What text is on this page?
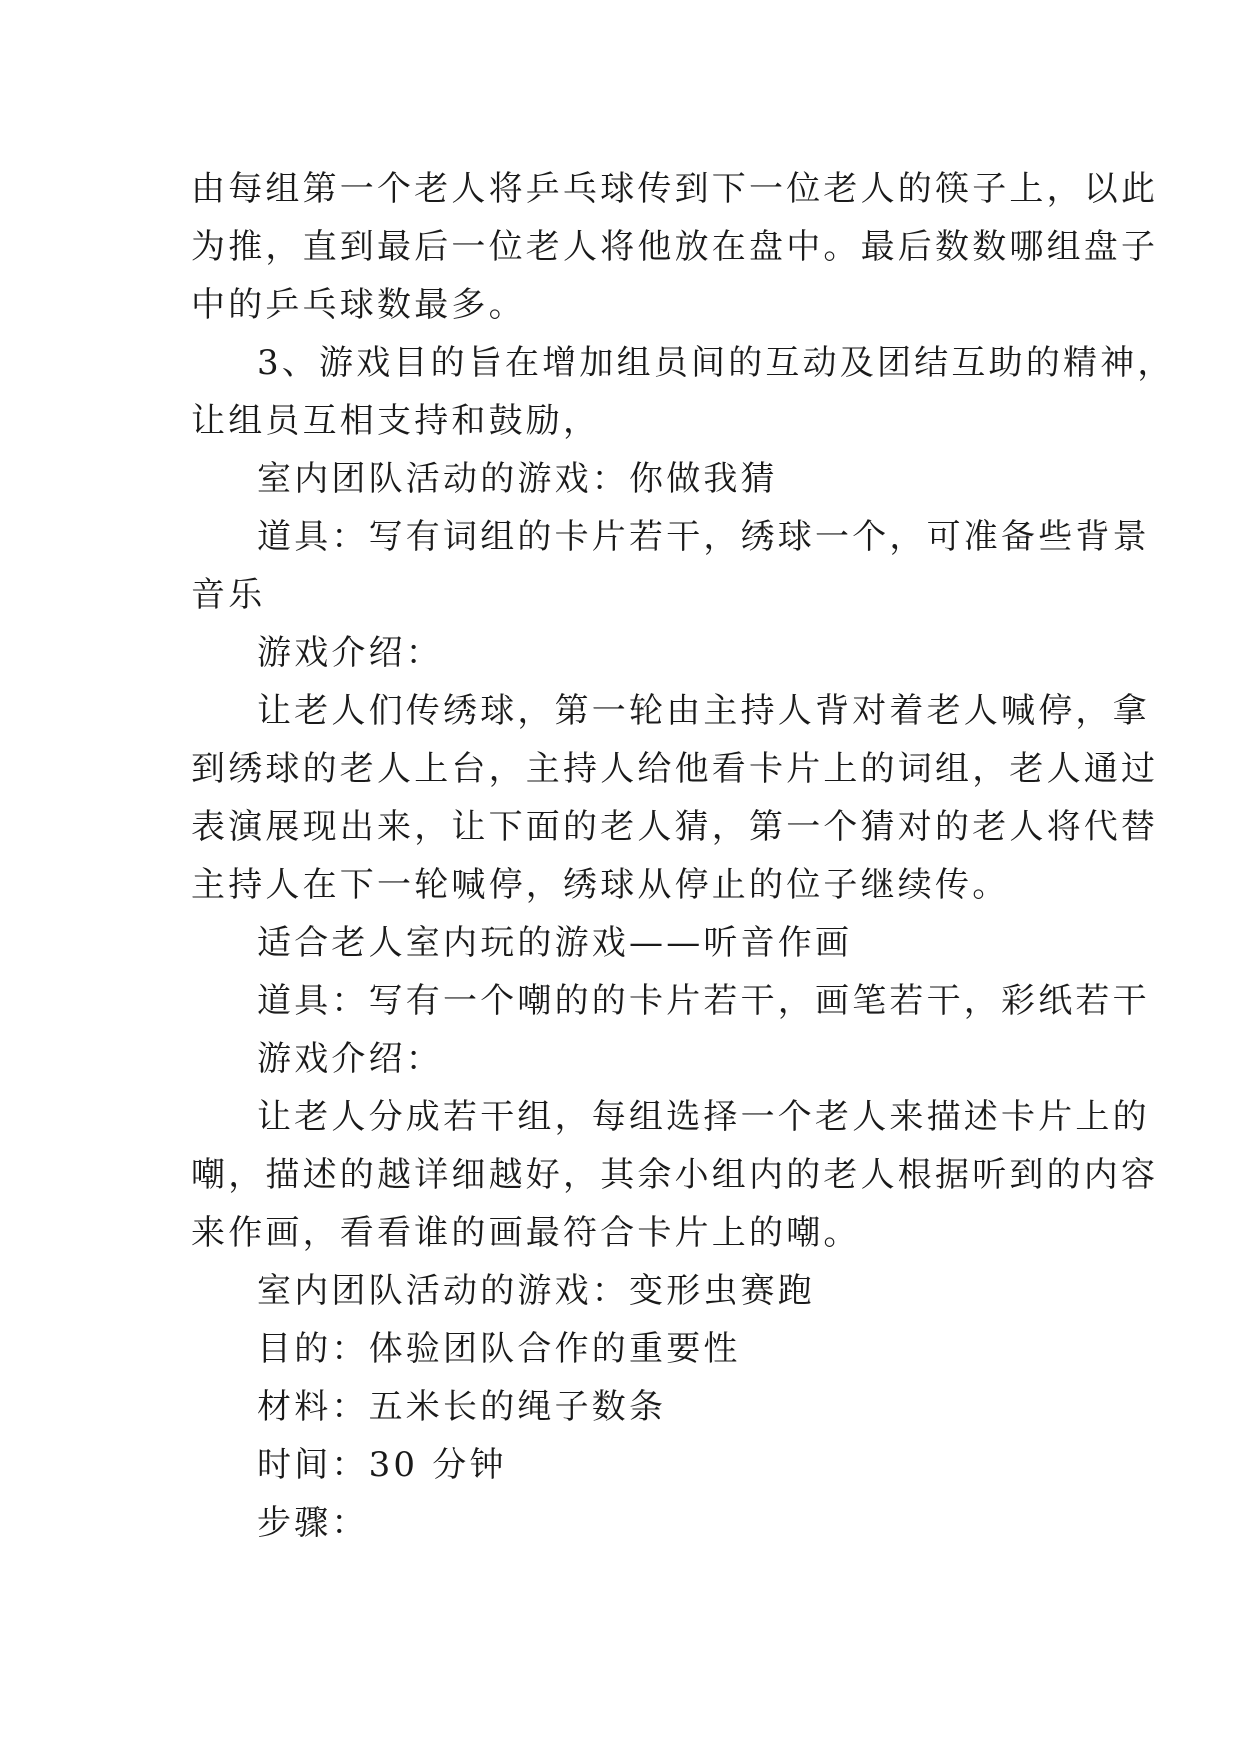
由每组第一个老人将乒乓球传到下一位老人的筷子上，以此

为推，直到最后一位老人将他放在盘中。最后数数哪组盘子

中的乒乓球数最多。

3、游戏目的旨在增加组员间的互动及团结互助的精神，

让组员互相支持和鼓励，

室内团队活动的游戏：你做我猜

道具：写有词组的卡片若干，绣球一个，可准备些背景

音乐

游戏介绍：

让老人们传绣球，第一轮由主持人背对着老人喊停，拿

到绣球的老人上台，主持人给他看卡片上的词组，老人通过

表演展现出来，让下面的老人猜，第一个猜对的老人将代替

主持人在下一轮喊停，绣球从停止的位子继续传。

适合老人室内玩的游戏——听音作画

道具：写有一个嘲的的卡片若干，画笔若干，彩纸若干

游戏介绍：

让老人分成若干组，每组选择一个老人来描述卡片上的

嘲，描述的越详细越好，其余小组内的老人根据听到的内容

来作画，看看谁的画最符合卡片上的嘲。

室内团队活动的游戏：变形虫赛跑

目的：体验团队合作的重要性

材料：五米长的绳子数条

时间：30 分钟

步骤：
